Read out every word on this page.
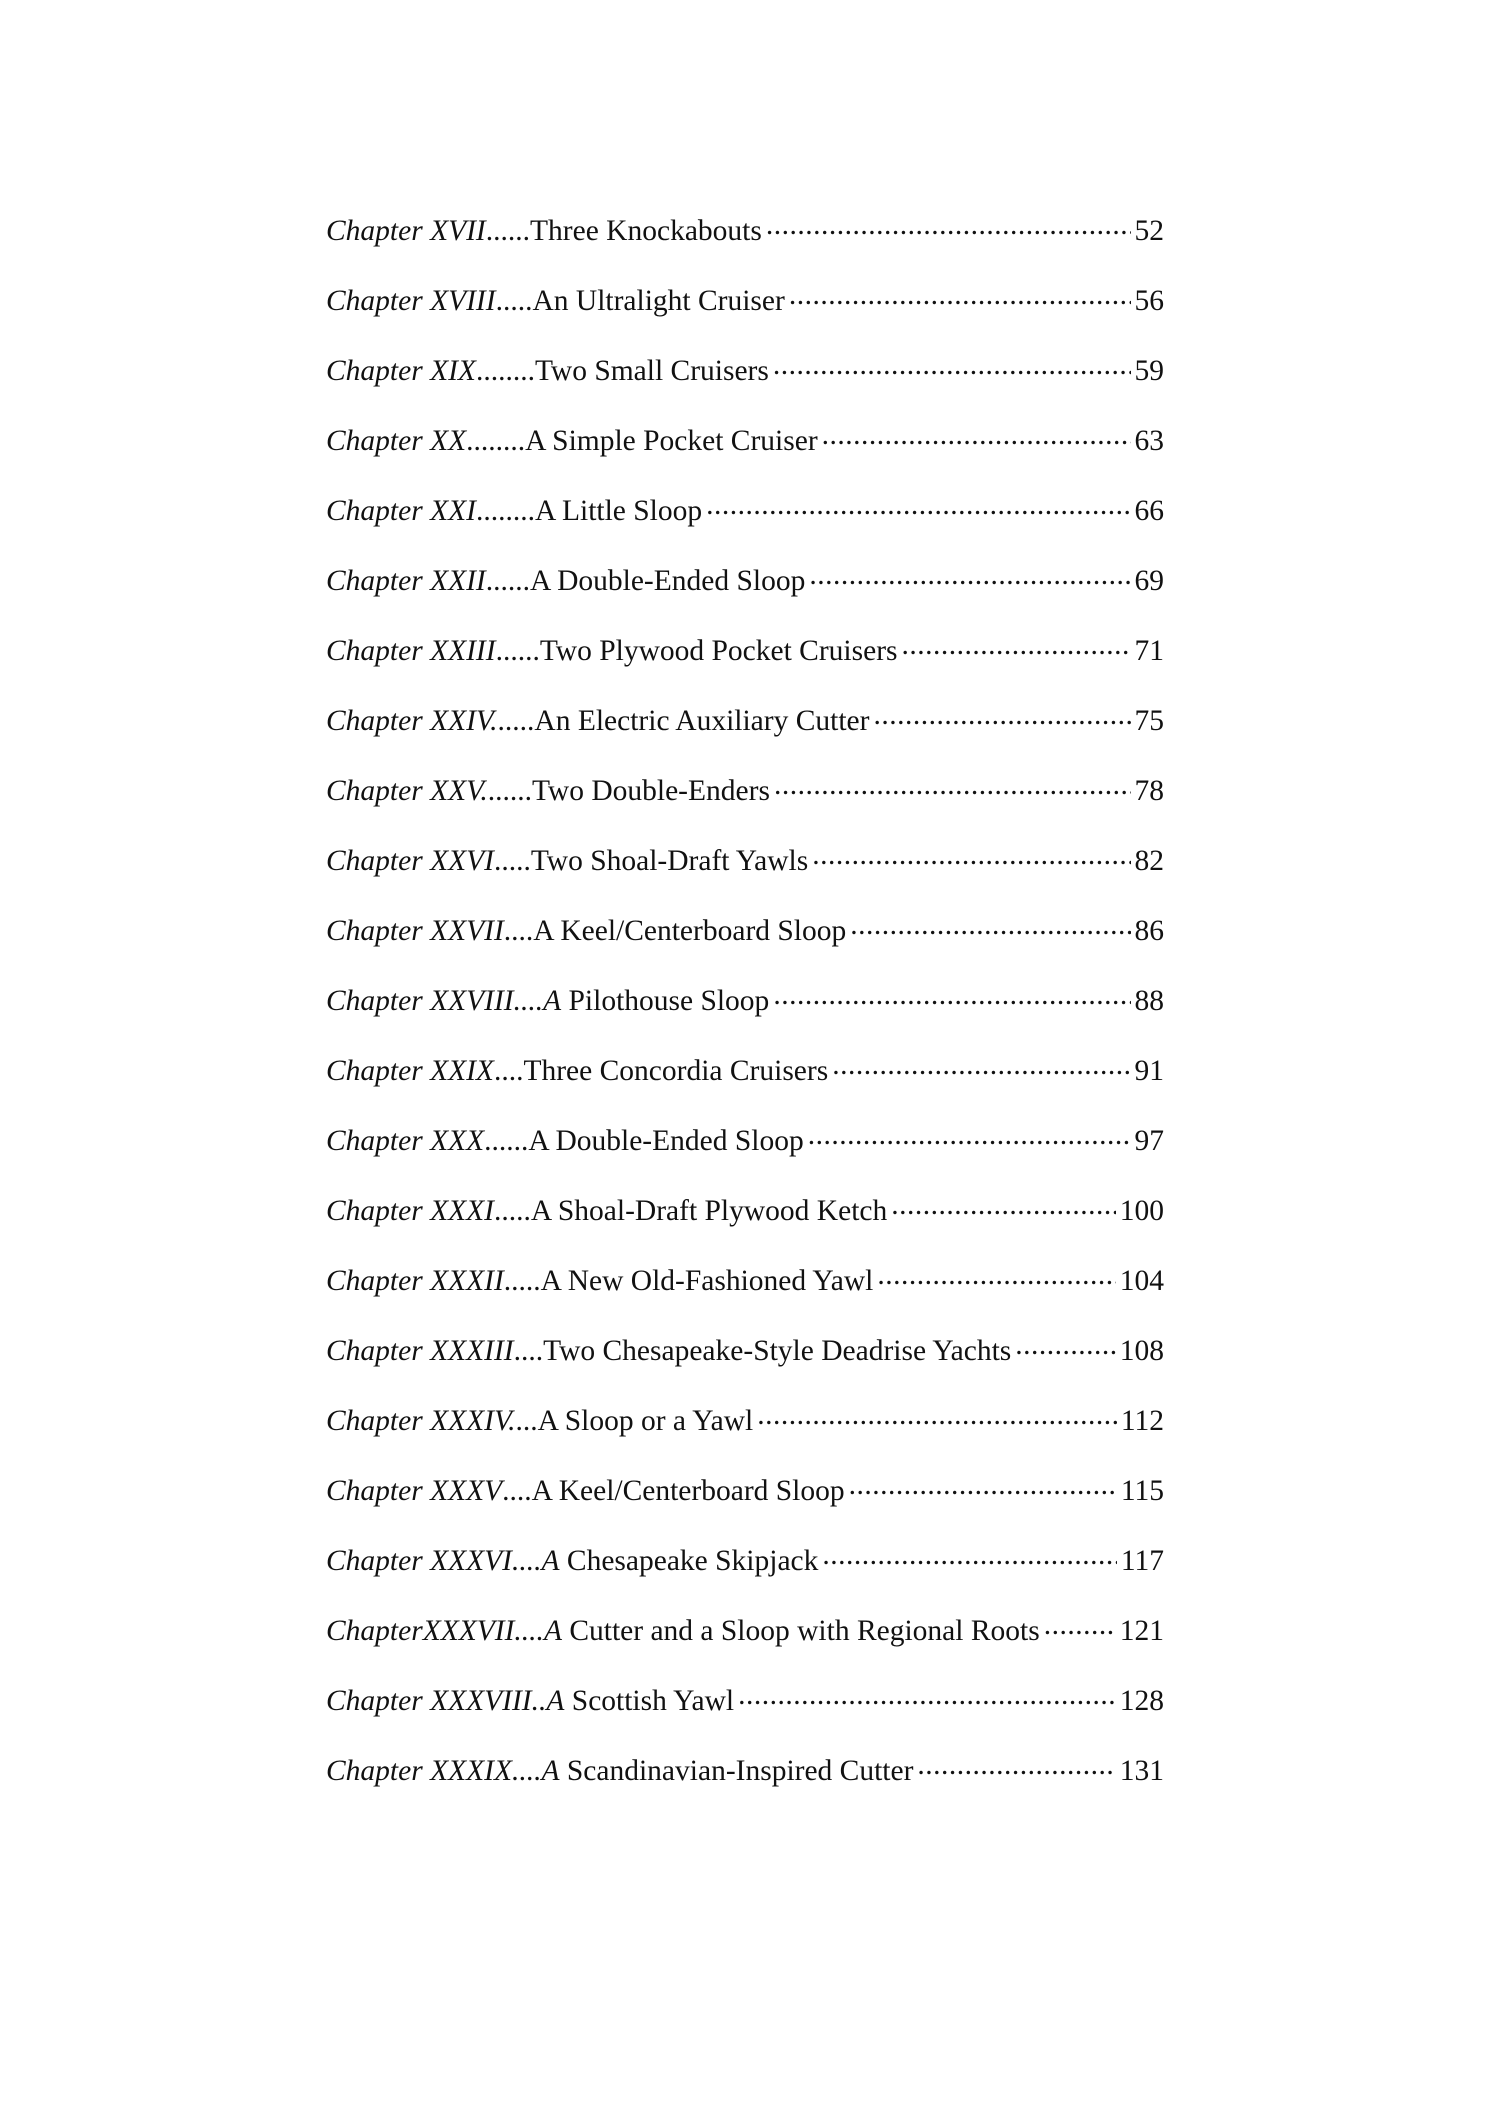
Chapter XVII ...... Three Knockabouts .....	52
Chapter XVIII ..... An Ultralight Cruiser .....	56
Chapter XIX ........ Two Small Cruisers .....	59
Chapter XX ........ A Simple Pocket Cruiser .....	63
Chapter XXI ........ A Little Sloop .....	66
Chapter XXII ...... A Double-Ended Sloop .....	69
Chapter XXIII ...... Two Plywood Pocket Cruisers .....	71
Chapter XXIV. ..... An Electric Auxiliary Cutter .....	75
Chapter XXV. ...... Two Double-Enders .....	78
Chapter XXVI ..... Two Shoal-Draft Yawls .....	82
Chapter XXVII .... A Keel/Centerboard Sloop .....	86
Chapter XXVIII.... A Pilothouse Sloop .....	88
Chapter XXIX .... Three Concordia Cruisers .....	91
Chapter XXX ...... A Double-Ended Sloop .....	97
Chapter XXXI ..... A Shoal-Draft Plywood Ketch .....	100
Chapter XXXII ..... A New Old-Fashioned Yawl .....	104
Chapter XXXIII .... Two Chesapeake-Style Deadrise Yachts .....	108
Chapter XXXIV. ... A Sloop or a Yawl .....	112
Chapter XXXV .... A Keel/Centerboard Sloop .....	115
Chapter XXXVI.... A Chesapeake Skipjack .....	117
ChapterXXXVII.... A Cutter and a Sloop with Regional Roots .....	121
Chapter XXXVIII.. A Scottish Yawl .....	128
Chapter XXXIX.... A Scandinavian-Inspired Cutter .....	131
